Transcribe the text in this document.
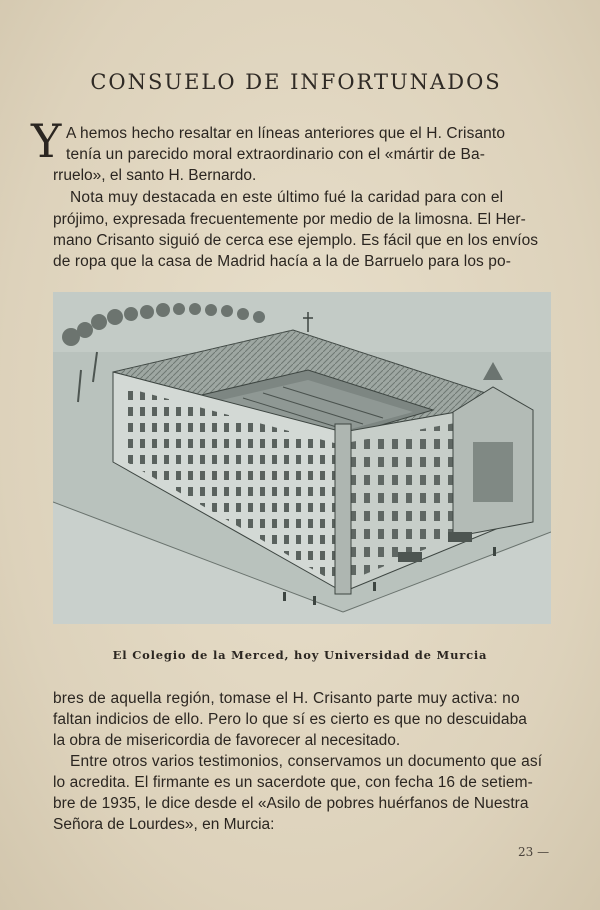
CONSUELO DE INFORTUNADOS
Y A hemos hecho resaltar en líneas anteriores que el H. Crisanto
tenía un parecido moral extraordinario con el «mártir de Ba-
rruelo», el santo H. Bernardo.
Nota muy destacada en este último fué la caridad para con el
prójimo, expresada frecuentemente por medio de la limosna. El Her-
mano Crisanto siguió de cerca ese ejemplo. Es fácil que en los envíos
de ropa que la casa de Madrid hacía a la de Barruelo para los po-
El Colegio de la Merced, hoy Universidad de Murcia
bres de aquella región, tomase el H. Crisanto parte muy activa: no
faltan indicios de ello. Pero lo que sí es cierto es que no descuidaba
la obra de misericordia de favorecer al necesitado.
Entre otros varios testimonios, conservamos un documento que así
lo acredita. El firmante es un sacerdote que, con fecha 16 de setiem-
bre de 1935, le dice desde el «Asilo de pobres huérfanos de Nuestra
Señora de Lourdes», en Murcia:
23 —
